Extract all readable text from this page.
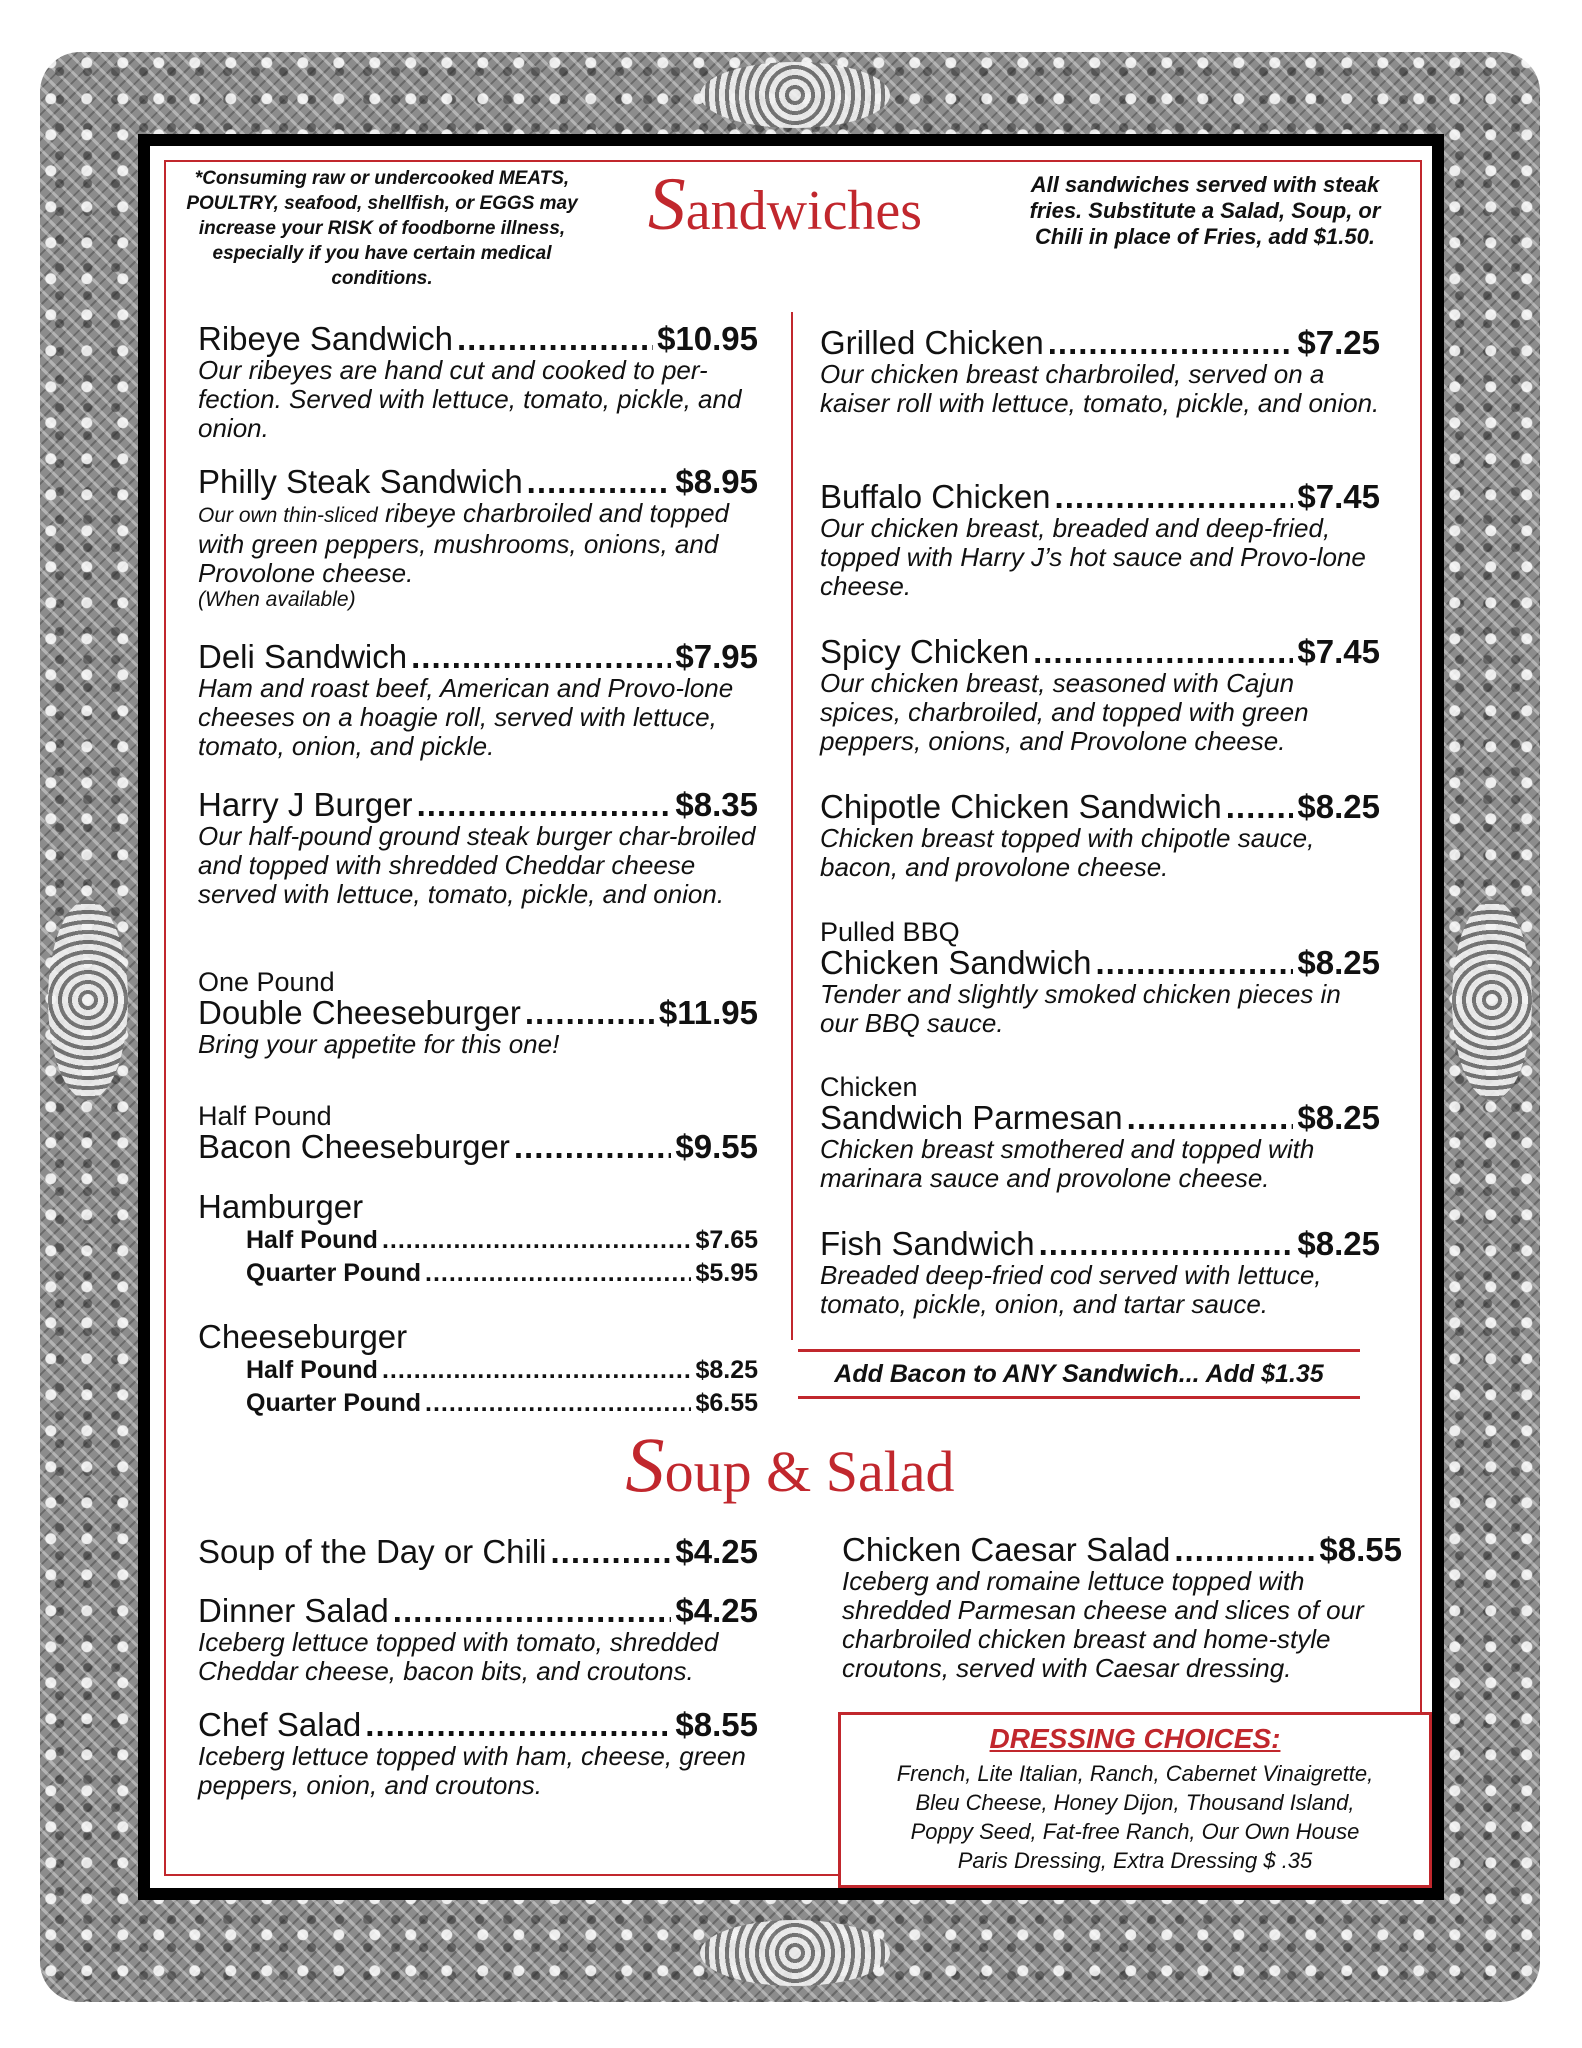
*Consuming raw or undercooked MEATS, POULTRY, seafood, shellfish, or EGGS may increase your RISK of foodborne illness, especially if you have certain medical conditions.
Sandwiches	All sandwiches served with steak fries. Substitute a Salad, Soup, or Chili in place of Fries, add $1.50.
Ribeye Sandwich .....	$10.95
Our ribeyes are hand cut and cooked to per-fection. Served with lettuce, tomato, pickle, and onion.
Philly Steak Sandwich .....	$8.95
Our own thin-sliced ribeye charbroiled and topped with green peppers, mushrooms, onions, and Provolone cheese.
(When available)
Deli Sandwich .....	$7.95
Ham and roast beef, American and Provo-lone cheeses on a hoagie roll, served with lettuce, tomato, onion, and pickle.
Harry J Burger .....	$8.35
Our half-pound ground steak burger char-broiled and topped with shredded Cheddar cheese served with lettuce, tomato, pickle, and onion.
One Pound
Double Cheeseburger .....	$11.95
Bring your appetite for this one!
Half Pound
Bacon Cheeseburger .....	$9.55
Hamburger
Half Pound .....	$7.65
Quarter Pound .....	$5.95
Cheeseburger
Half Pound .....	$8.25
Quarter Pound .....	$6.55
Grilled Chicken .....	$7.25
Our chicken breast charbroiled, served on a kaiser roll with lettuce, tomato, pickle, and onion.
Buffalo Chicken .....	$7.45
Our chicken breast, breaded and deep-fried, topped with Harry J’s hot sauce and Provo-lone cheese.
Spicy Chicken .....	$7.45
Our chicken breast, seasoned with Cajun spices, charbroiled, and topped with green peppers, onions, and Provolone cheese.
Chipotle Chicken Sandwich ..... $8.25
Chicken breast topped with chipotle sauce, bacon, and provolone cheese.
Pulled BBQ
Chicken Sandwich .....	$8.25
Tender and slightly smoked chicken pieces in our BBQ sauce.
Chicken
Sandwich Parmesan .....	$8.25
Chicken breast smothered and topped with marinara sauce and provolone cheese.
Fish Sandwich .....	$8.25
Breaded deep-fried cod served with lettuce, tomato, pickle, onion, and tartar sauce.
Add Bacon to ANY Sandwich... Add $1.35
Soup & Salad
Soup of the Day or Chili .....	$4.25
Dinner Salad .....	$4.25
Iceberg lettuce topped with tomato, shredded Cheddar cheese, bacon bits, and croutons.
Chef Salad .....	$8.55
Iceberg lettuce topped with ham, cheese, green peppers, onion, and croutons.
Chicken Caesar Salad .....	$8.55
Iceberg and romaine lettuce topped with shredded Parmesan cheese and slices of our charbroiled chicken breast and home-style croutons, served with Caesar dressing.
DRESSING CHOICES:
French, Lite Italian, Ranch, Cabernet Vinaigrette,
Bleu Cheese, Honey Dijon, Thousand Island,
Poppy Seed, Fat-free Ranch, Our Own House
Paris Dressing, Extra Dressing $ .35
